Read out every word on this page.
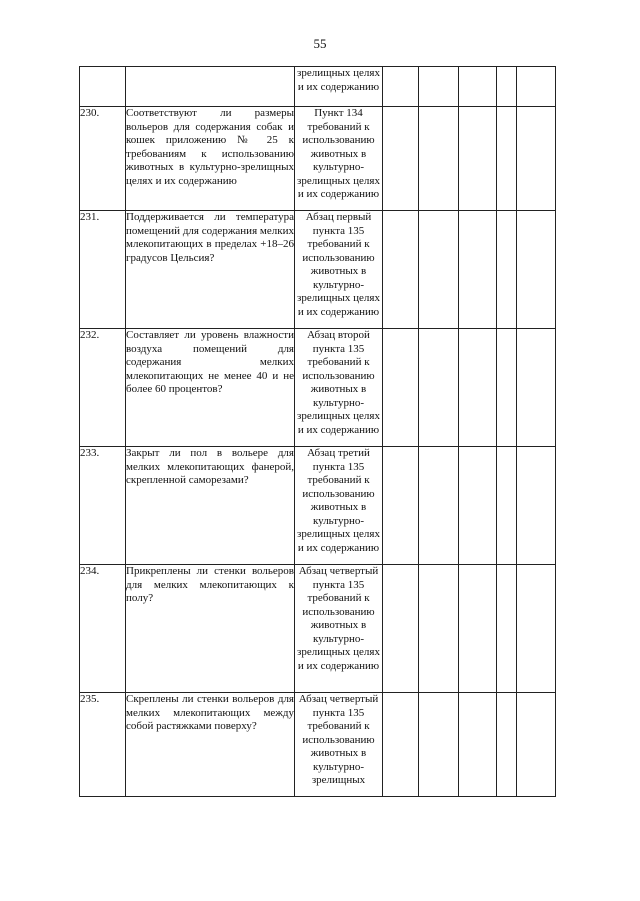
55
		зрелищных целях и их содержанию					
230.	Соответствуют ли размеры вольеров для содержания собак и кошек приложению № 25 к требованиям к использованию животных в культурно-зрелищных целях и их содержанию	Пункт 134 требований к использованию животных в культурно-зрелищных целях и их содержанию					
231.	Поддерживается ли температура помещений для содержания мелких млекопитающих в пределах +18–26 градусов Цельсия?	Абзац первый пункта 135 требований к использованию животных в культурно-зрелищных целях и их содержанию					
232.	Составляет ли уровень влажности воздуха помещений для содержания мелких млекопитающих не менее 40 и не более 60 процентов?	Абзац второй пункта 135 требований к использованию животных в культурно-зрелищных целях и их содержанию					
233.	Закрыт ли пол в вольере для мелких млекопитающих фанерой, скрепленной саморезами?	Абзац третий пункта 135 требований к использованию животных в культурно-зрелищных целях и их содержанию					
234.	Прикреплены ли стенки вольеров для мелких млекопитающих к полу?	Абзац четвертый пункта 135 требований к использованию животных в культурно-зрелищных целях и их содержанию					
235.	Скреплены ли стенки вольеров для мелких млекопитающих между собой растяжками поверху?	Абзац четвертый пункта 135 требований к использованию животных в культурно-зрелищных					
